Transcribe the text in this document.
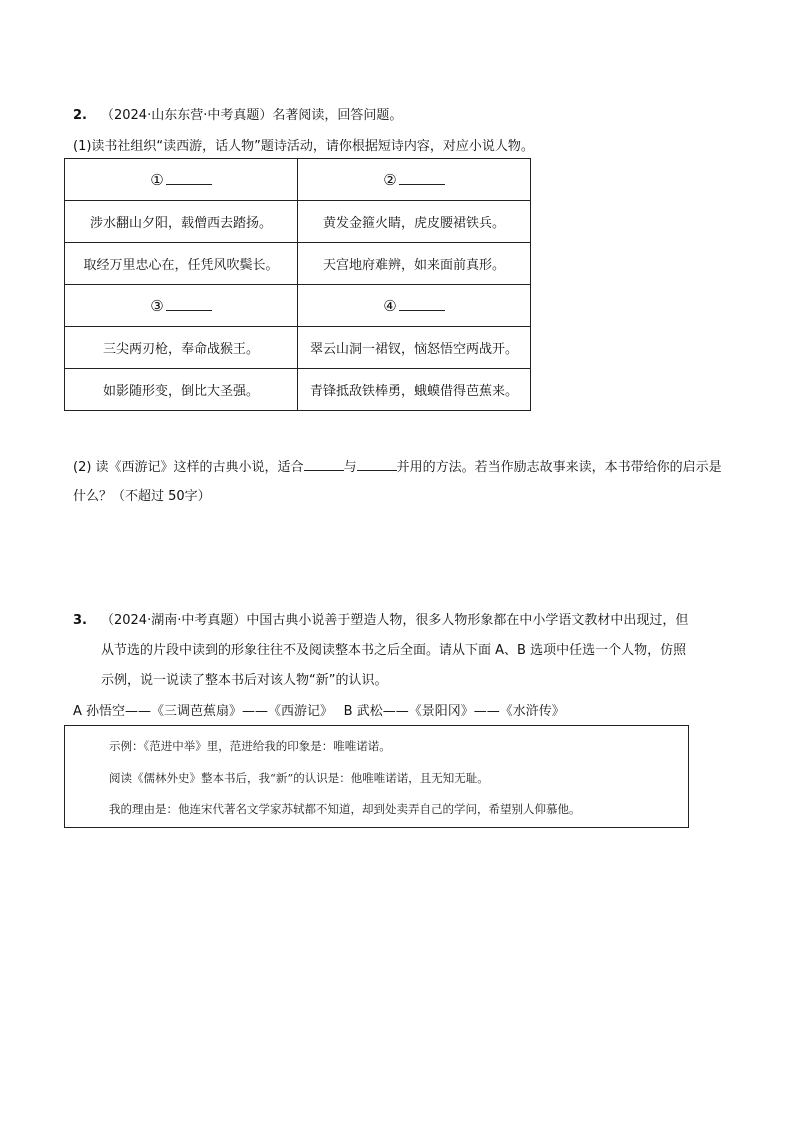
2. （2024·山东东营·中考真题）名著阅读，回答问题。
(1)读书社组织“读西游，话人物”题诗活动，请你根据短诗内容，对应小说人物。
①	②
涉水翻山夕阳，载僧西去踏扬。	黄发金箍火睛，虎皮腰裙铁兵。
取经万里忠心在，任凭风吹鬓长。	天宫地府难辨，如来面前真形。
③	④
三尖两刃枪，奉命战猴王。	翠云山洞一裙钗，恼怒悟空两战开。
如影随形变，倒比大圣强。	青锋抵敌铁棒勇，蛾蟆借得芭蕉来。
(2) 读《西游记》这样的古典小说，适合	与	并用的方法。若当作励志故事来读，本书带给你的启示是什么？（不超过 50字）
3. （2024·湖南·中考真题）中国古典小说善于塑造人物，很多人物形象都在中小学语文教材中出现过，但
从节选的片段中读到的形象往往不及阅读整本书之后全面。请从下面 A、B 选项中任选一个人物，仿照
示例，说一说读了整本书后对该人物“新”的认识。
A 孙悟空——《三调芭蕉扇》——《西游记》　 B 武松——《景阳冈》——《水浒传》
示例：《范进中举》里，范进给我的印象是：唯唯诺诺。
阅读《儒林外史》整本书后，我“新”的认识是：他唯唯诺诺，且无知无耻。
我的理由是：他连宋代著名文学家苏轼都不知道，却到处卖弄自己的学问，希望别人仰慕他。
